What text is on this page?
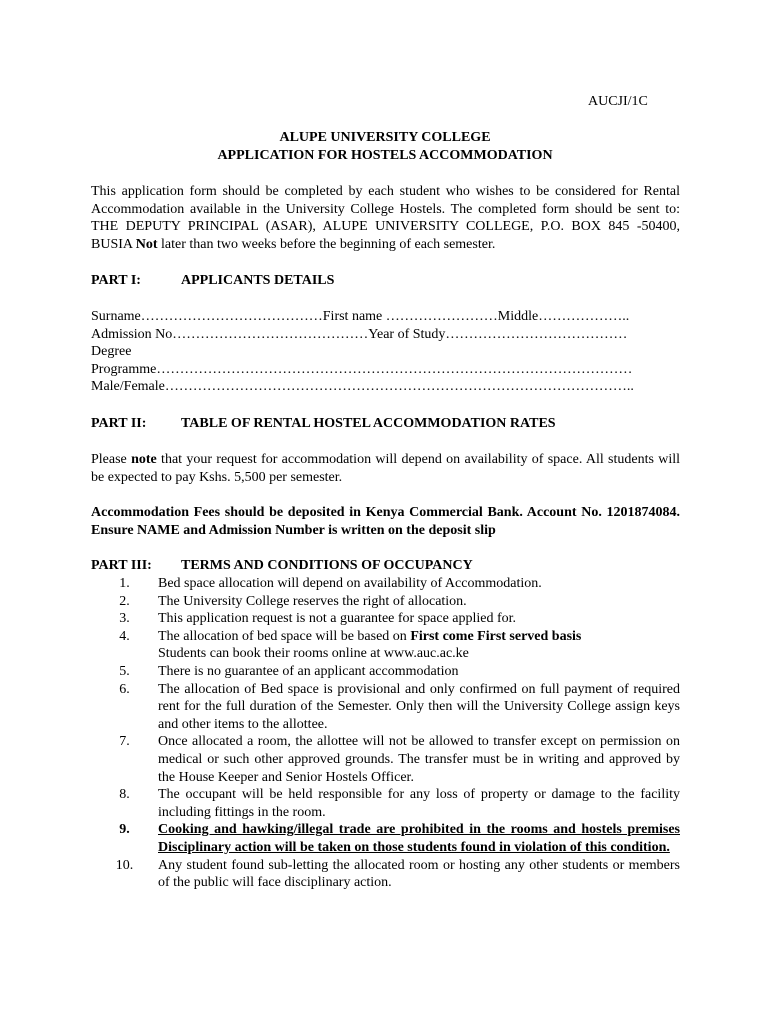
AUCJI/1C
ALUPE UNIVERSITY COLLEGE
APPLICATION FOR HOSTELS ACCOMMODATION
This application form should be completed by each student who wishes to be considered for Rental Accommodation available in the University College Hostels. The completed form should be sent to: THE DEPUTY PRINCIPAL (ASAR), ALUPE UNIVERSITY COLLEGE, P.O. BOX 845 -50400, BUSIA Not later than two weeks before the beginning of each semester.
PART I:	APPLICANTS DETAILS
Surname…………………………………First name ……………………Middle………………..
Admission No……………………………………Year of Study…………………………………
Degree
Programme…………………………………………………………………………………………
Male/Female………………………………………………………………………………………..
PART II: TABLE OF RENTAL HOSTEL ACCOMMODATION RATES
Please note that your request for accommodation will depend on availability of space. All students will be expected to pay Kshs. 5,500 per semester.
Accommodation Fees should be deposited in Kenya Commercial Bank. Account No. 1201874084. Ensure NAME and Admission Number is written on the deposit slip
PART III: TERMS AND CONDITIONS OF OCCUPANCY
1.	Bed space allocation will depend on availability of Accommodation.
2.	The University College reserves the right of allocation.
3.	This application request is not a guarantee for space applied for.
4.	The allocation of bed space will be based on First come First served basis
Students can book their rooms online at www.auc.ac.ke
5.	There is no guarantee of an applicant accommodation
6.	The allocation of Bed space is provisional and only confirmed on full payment of required rent for the full duration of the Semester. Only then will the University College assign keys and other items to the allottee.
7.	Once allocated a room, the allottee will not be allowed to transfer except on permission on medical or such other approved grounds. The transfer must be in writing and approved by the House Keeper and Senior Hostels Officer.
8.	The occupant will be held responsible for any loss of property or damage to the facility including fittings in the room.
9.	Cooking and hawking/illegal trade are prohibited in the rooms and hostels premises Disciplinary action will be taken on those students found in violation of this condition.
10.	Any student found sub-letting the allocated room or hosting any other students or members of the public will face disciplinary action.
